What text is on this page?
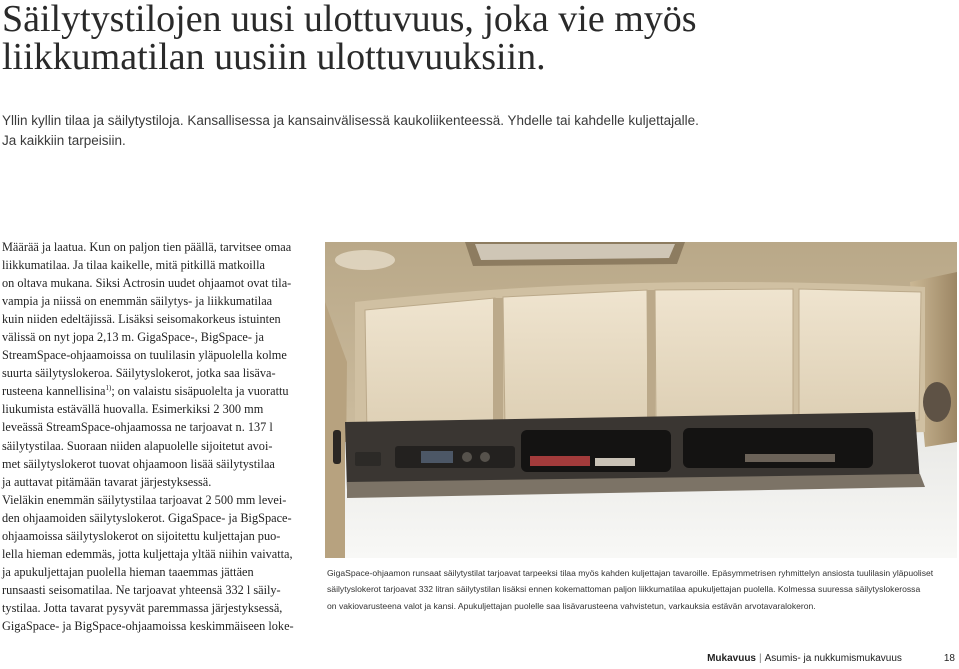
Säilytystilojen uusi ulottuvuus, joka vie myös
liikkumatilan uusiin ulottuvuuksiin.

Yllin kyllin tilaa ja säilytystiloja. Kansallisessa ja kansainvälisessä kaukoliikenteessä. Yhdelle tai kahdelle kuljettajalle.
Ja kaikkiin tarpeisiin.

Määrää ja laatua. Kun on paljon tien päällä, tarvitsee omaa
liikkumatilaa. Ja tilaa kaikelle, mitä pitkillä matkoilla
on oltava mukana. Siksi Actrosin uudet ohjaamot ovat tila-
vampia ja niissä on enemmän säilytys- ja liikkumatilaa
kuin niiden edeltäjissä. Lisäksi seisomakorkeus istuinten
välissä on nyt jopa 2,13 m. GigaSpace-, BigSpace- ja
StreamSpace-ohjaamoissa on tuulilasin yläpuolella kolme
suurta säilytyslokeroa. Säilytyslokerot, jotka saa lisäva-
rusteena kannellisina$^{1)}$; on valaistu sisäpuolelta ja vuorattu
liukumista estävällä huovalla. Esimerkiksi 2 300 mm
leveässä StreamSpace-ohjaamossa ne tarjoavat n. 137 l
säilytystilaa. Suoraan niiden alapuolelle sijoitetut avoi-
met säilytyslokerot tuovat ohjaamoon lisää säilytystilaa
ja auttavat pitämään tavarat järjestyksessä.
Vieläkin enemmän säilytystilaa tarjoavat 2 500 mm levei-
den ohjaamoiden säilytyslokerot. GigaSpace- ja BigSpace-
ohjaamoissa säilytyslokerot on sijoitettu kuljettajan puo-
lella hieman edemmäs, jotta kuljettaja yltää niihin vaivatta,
ja apukuljettajan puolella hieman taaemmas jättäen
runsaasti seisomatilaa. Ne tarjoavat yhteensä 332 l säily-
tystilaa. Jotta tavarat pysyvät paremmassa järjestyksessä,
GigaSpace- ja BigSpace-ohjaamoissa keskimmäiseen loke-

GigaSpace-ohjaamon runsaat säilytystilat tarjoavat tarpeeksi tilaa myös kahden kuljettajan tavaroille. Epäsymmetrisen ryhmittelyn ansiosta tuulilasin yläpuoliset
säilytyslokerot tarjoavat 332 litran säilytystilan lisäksi ennen kokemattoman paljon liikkumatilaa apukuljettajan puolella. Kolmessa suuressa säilytyslokerossa
on vakiovarusteena valot ja kansi. Apukuljettajan puolelle saa lisävarusteena vahvistetun, varkauksia estävän arvotavaralokeron.

Mukavuus | Asumis- ja nukkumismukavuus	18
